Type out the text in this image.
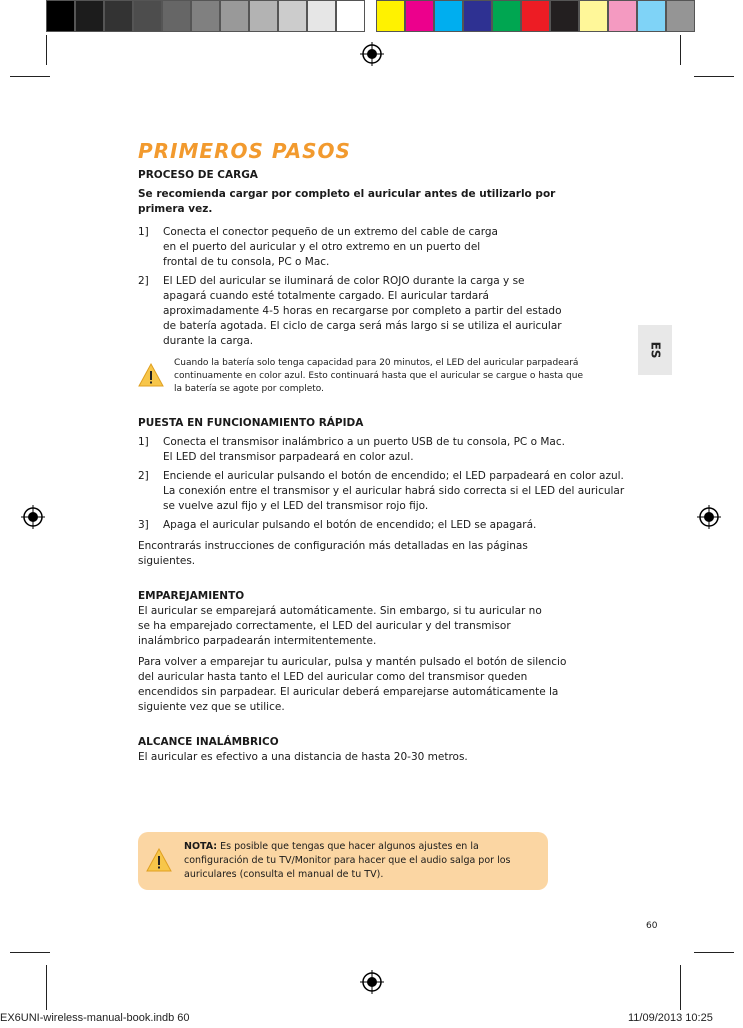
ES
PRIMEROS PASOS
PROCESO DE CARGA
Se recomienda cargar por completo el auricular antes de utilizarlo por primera vez.
1]	Conecta el conector pequeño de un extremo del cable de carga en el puerto del auricular y el otro extremo en un puerto del frontal de tu consola, PC o Mac.
2]	El LED del auricular se iluminará de color ROJO durante la carga y se apagará cuando esté totalmente cargado. El auricular tardará aproximadamente 4-5 horas en recargarse por completo a partir del estado de batería agotada. El ciclo de carga será más largo si se utiliza el auricular durante la carga.
Cuando la batería solo tenga capacidad para 20 minutos, el LED del auricular parpadeará continuamente en color azul. Esto continuará hasta que el auricular se cargue o hasta que la batería se agote por completo.
PUESTA EN FUNCIONAMIENTO RÁPIDA
1]	Conecta el transmisor inalámbrico a un puerto USB de tu consola, PC o Mac. El LED del transmisor parpadeará en color azul.
2]	Enciende el auricular pulsando el botón de encendido; el LED parpadeará en color azul. La conexión entre el transmisor y el auricular habrá sido correcta si el LED del auricular se vuelve azul fijo y el LED del transmisor rojo fijo.
3]	Apaga el auricular pulsando el botón de encendido; el LED se apagará.

Encontrarás instrucciones de configuración más detalladas en las páginas siguientes.

EMPAREJAMIENTO

El auricular se emparejará automáticamente. Sin embargo, si tu auricular no se ha emparejado correctamente, el LED del auricular y del transmisor inalámbrico parpadearán intermitentemente.

Para volver a emparejar tu auricular, pulsa y mantén pulsado el botón de silencio del auricular hasta tanto el LED del auricular como del transmisor queden encendidos sin parpadear. El auricular deberá emparejarse automáticamente la siguiente vez que se utilice.

ALCANCE INALÁMBRICO

El auricular es efectivo a una distancia de hasta 20-30 metros.

NOTA: Es posible que tengas que hacer algunos ajustes en la configuración de tu TV/Monitor para hacer que el audio salga por los auriculares (consulta el manual de tu TV).
60
EX6UNI-wireless-manual-book.indb 60	11/09/2013 10:25
